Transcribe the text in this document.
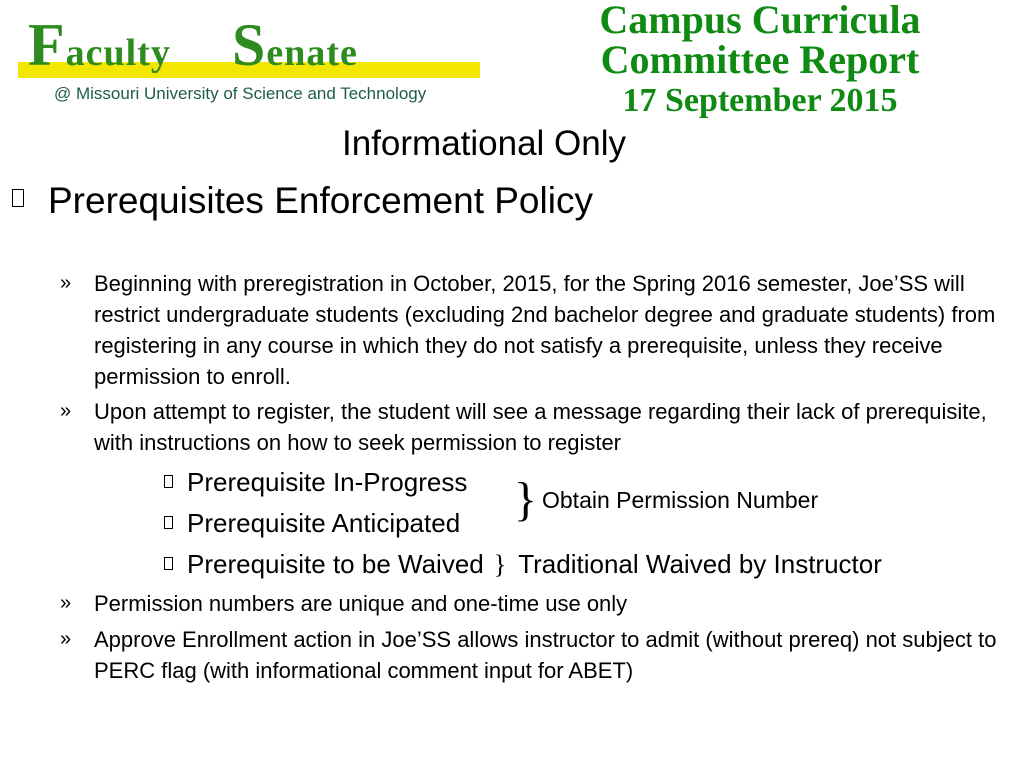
Faculty Senate
@ Missouri University of Science and Technology
Campus Curricula
Committee Report
17 September 2015
Informational Only
Prerequisites Enforcement Policy
»	Beginning with preregistration in October, 2015, for the Spring 2016 semester, Joe’SS will restrict undergraduate students (excluding 2nd bachelor degree and graduate students) from registering in any course in which they do not satisfy a prerequisite, unless they receive permission to enroll.
»	Upon attempt to register, the student will see a message regarding their lack of prerequisite, with instructions on how to seek permission to register
Prerequisite In-Progress
Prerequisite Anticipated } Obtain Permission Number
Prerequisite to be Waived } Traditional Waived by Instructor
»	Permission numbers are unique and one-time use only
»	Approve Enrollment action in Joe’SS allows instructor to admit (without prereq) not subject to PERC flag (with informational comment input for ABET)
